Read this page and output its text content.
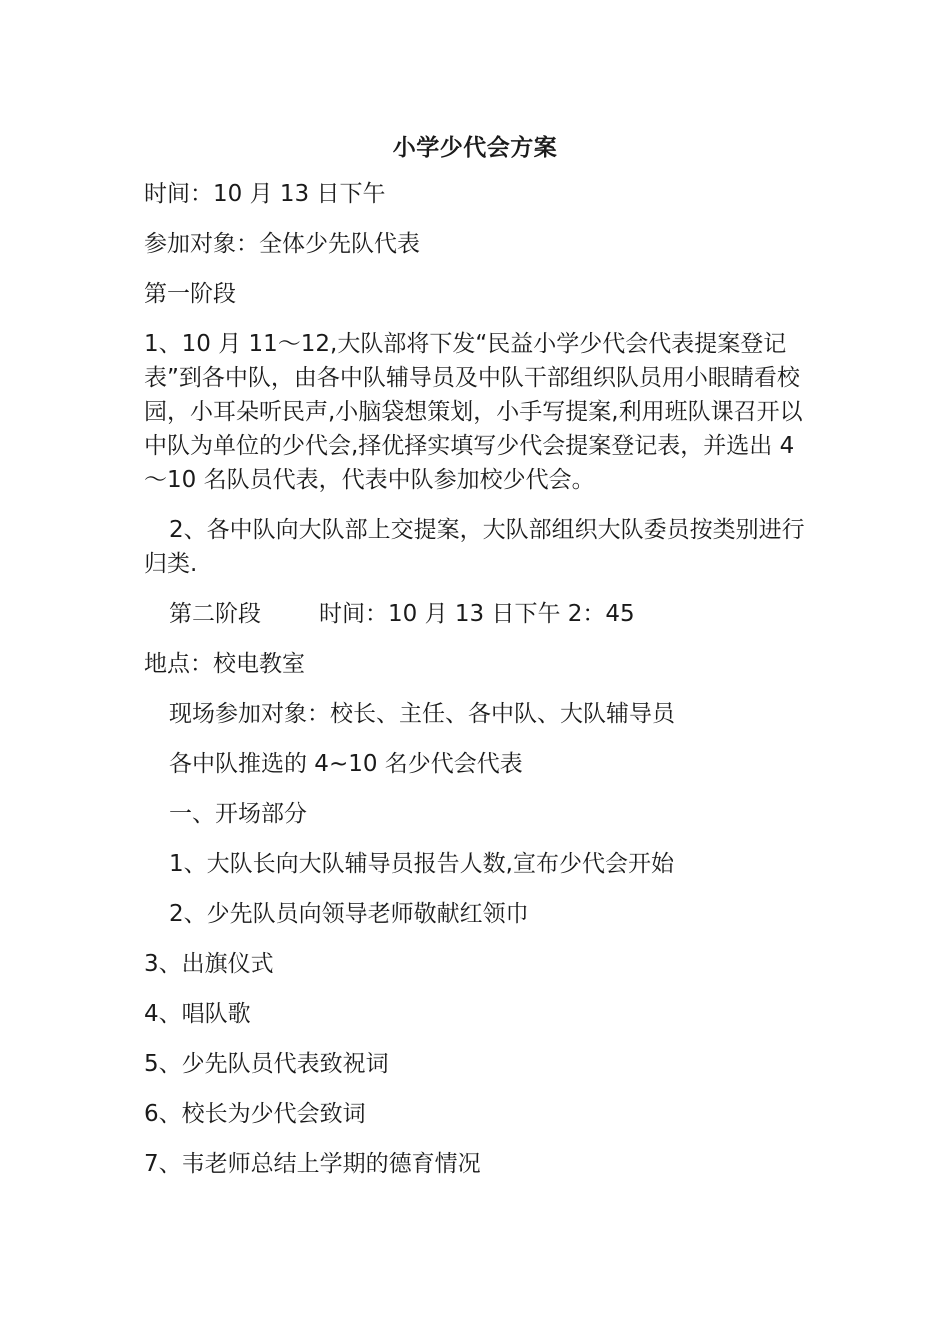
小学少代会方案

时间：10 月 13 日下午

参加对象：全体少先队代表

第一阶段

1、10 月 11～12,大队部将下发“民益小学少代会代表提案登记表”到各中队，由各中队辅导员及中队干部组织队员用小眼睛看校园，小耳朵听民声,小脑袋想策划，小手写提案,利用班队课召开以中队为单位的少代会,择优择实填写少代会提案登记表，并选出 4～10 名队员代表，代表中队参加校少代会。

2、各中队向大队部上交提案，大队部组织大队委员按类别进行归类.

第二阶段	时间：10 月 13 日下午 2：45

地点：校电教室

现场参加对象：校长、主任、各中队、大队辅导员

各中队推选的 4~10 名少代会代表

一、开场部分

1、大队长向大队辅导员报告人数,宣布少代会开始

2、少先队员向领导老师敬献红领巾

3、出旗仪式

4、唱队歌

5、少先队员代表致祝词

6、校长为少代会致词

7、韦老师总结上学期的德育情况
